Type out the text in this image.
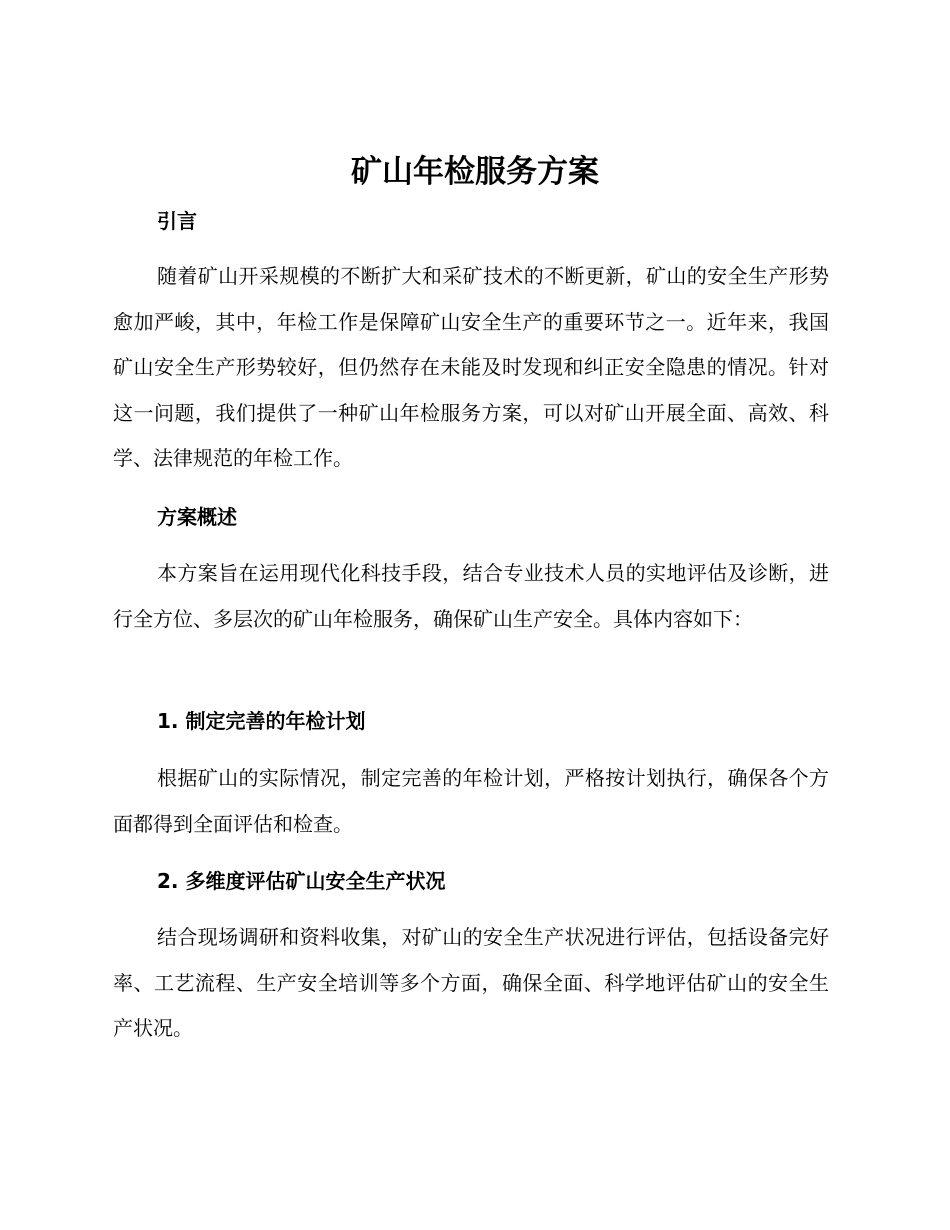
矿山年检服务方案
引言

随着矿山开采规模的不断扩大和采矿技术的不断更新，矿山的安全生产形势愈加严峻，其中，年检工作是保障矿山安全生产的重要环节之一。近年来，我国矿山安全生产形势较好，但仍然存在未能及时发现和纠正安全隐患的情况。针对这一问题，我们提供了一种矿山年检服务方案，可以对矿山开展全面、高效、科学、法律规范的年检工作。

方案概述

本方案旨在运用现代化科技手段，结合专业技术人员的实地评估及诊断，进行全方位、多层次的矿山年检服务，确保矿山生产安全。具体内容如下：

1. 制定完善的年检计划

根据矿山的实际情况，制定完善的年检计划，严格按计划执行，确保各个方面都得到全面评估和检查。

2. 多维度评估矿山安全生产状况

结合现场调研和资料收集，对矿山的安全生产状况进行评估，包括设备完好率、工艺流程、生产安全培训等多个方面，确保全面、科学地评估矿山的安全生产状况。
